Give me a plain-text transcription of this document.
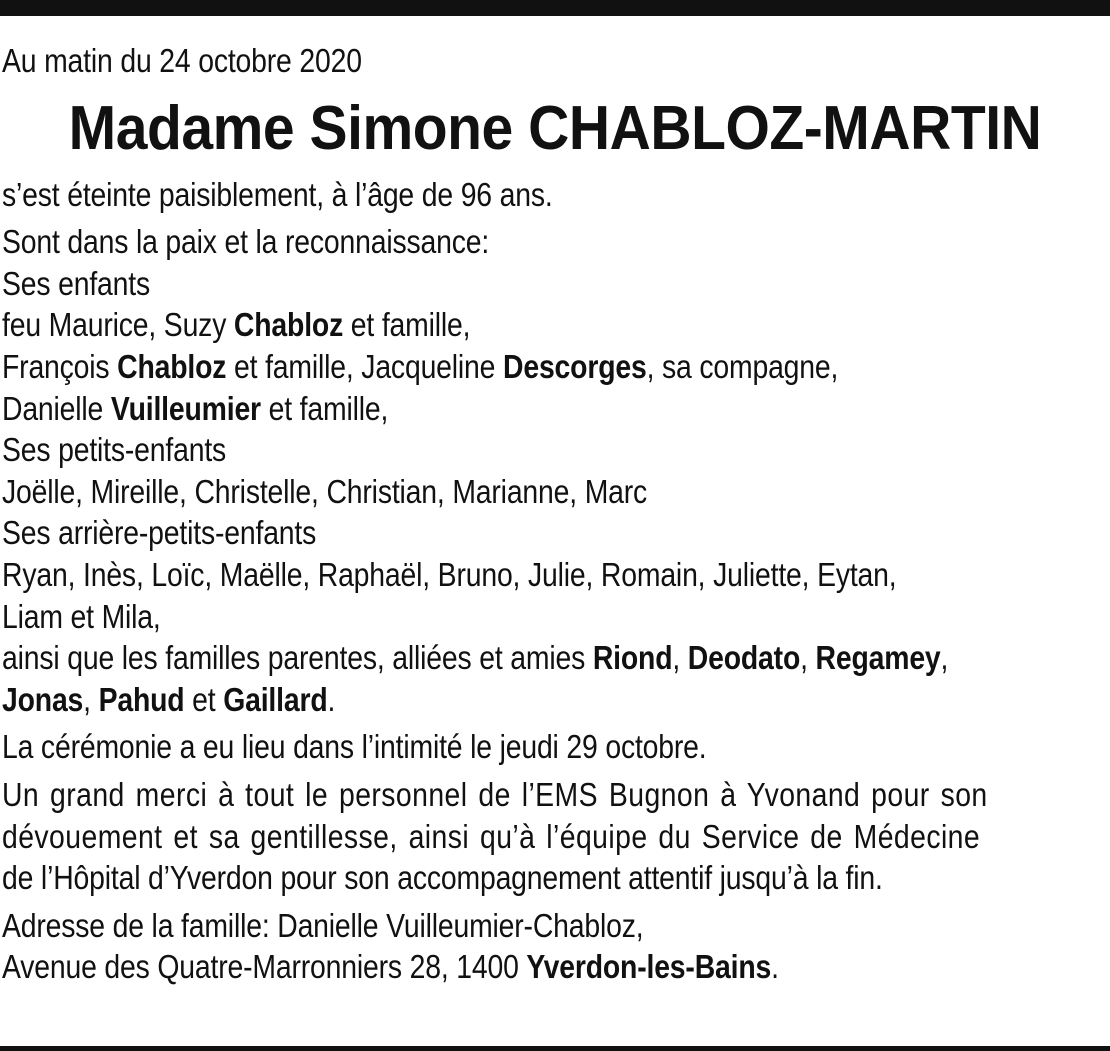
Au matin du 24 octobre 2020
Madame Simone CHABLOZ-MARTIN
s’est éteinte paisiblement, à l’âge de 96 ans.
Sont dans la paix et la reconnaissance:
Ses enfants
feu Maurice, Suzy Chabloz et famille,
François Chabloz et famille, Jacqueline Descorges, sa compagne,
Danielle Vuilleumier et famille,
Ses petits-enfants
Joëlle, Mireille, Christelle, Christian, Marianne, Marc
Ses arrière-petits-enfants
Ryan, Inès, Loïc, Maëlle, Raphaël, Bruno, Julie, Romain, Juliette, Eytan,
Liam et Mila,
ainsi que les familles parentes, alliées et amies Riond, Deodato, Regamey,
Jonas, Pahud et Gaillard.
La cérémonie a eu lieu dans l’intimité le jeudi 29 octobre.
Un grand merci à tout le personnel de l’EMS Bugnon à Yvonand pour son
dévouement et sa gentillesse, ainsi qu’à l’équipe du Service de Médecine
de l’Hôpital d’Yverdon pour son accompagnement attentif jusqu’à la fin.
Adresse de la famille: Danielle Vuilleumier-Chabloz,
Avenue des Quatre-Marronniers 28, 1400 Yverdon-les-Bains.
